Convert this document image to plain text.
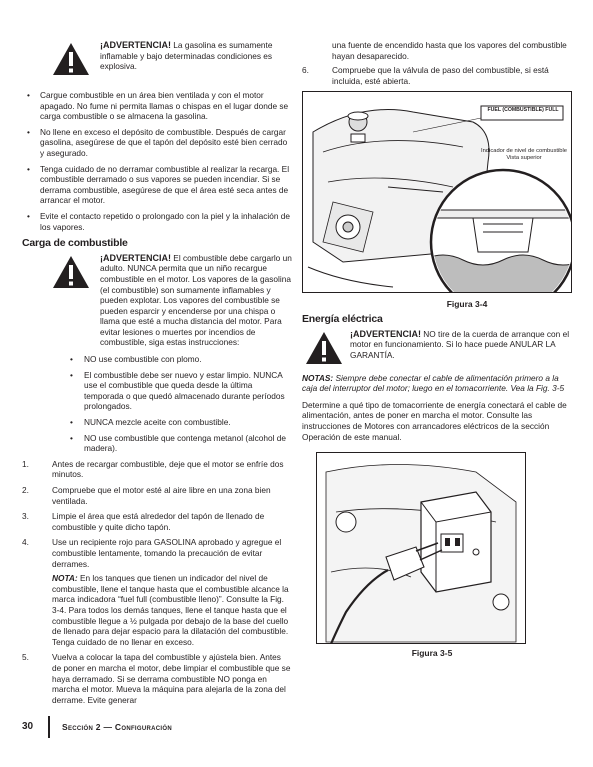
¡ADVERTENCIA! La gasolina es sumamente inflamable y bajo determinadas condiciones es explosiva.

• Cargue combustible en un área bien ventilada y con el motor apagado. No fume ni permita llamas o chispas en el lugar donde se carga combustible o se almacena la gasolina.
• No llene en exceso el depósito de combustible. Después de cargar gasolina, asegúrese de que el tapón del depósito esté bien cerrado y asegurado.
• Tenga cuidado de no derramar combustible al realizar la recarga. El combustible derramado o sus vapores se pueden incendiar. Si se derrama combustible, asegúrese de que el área esté seca antes de arrancar el motor.
• Evite el contacto repetido o prolongado con la piel y la inhalación de los vapores.
Carga de combustible

¡ADVERTENCIA! El combustible debe cargarlo un adulto. NUNCA permita que un niño recargue combustible en el motor. Los vapores de la gasolina (el combustible) son sumamente inflamables y pueden explotar. Los vapores del combustible se pueden esparcir y encenderse por una chispa o llama que esté a mucha distancia del motor. Para evitar lesiones o muertes por incendios de combustible, siga estas instrucciones:

• NO use combustible con plomo.
• El combustible debe ser nuevo y estar limpio. NUNCA use el combustible que queda desde la última temporada o que quedó almacenado durante períodos prolongados.
• NUNCA mezcle aceite con combustible.
• NO use combustible que contenga metanol (alcohol de madera).
1.	Antes de recargar combustible, deje que el motor se enfríe dos minutos.
2.	Compruebe que el motor esté al aire libre en una zona bien ventilada.
3.	Limpie el área que está alrededor del tapón de llenado de combustible y quite dicho tapón.
4.	Use un recipiente rojo para GASOLINA aprobado y agregue el combustible lentamente, tomando la precaución de evitar derrames.

NOTA: En los tanques que tienen un indicador del nivel de combustible, llene el tanque hasta que el combustible alcance la marca indicadora “fuel full (combustible lleno)”. Consulte la Fig. 3-4. Para todos los demás tanques, llene el tanque hasta que el combustible llegue a ½ pulgada por debajo de la base del cuello de llenado para dejar espacio para la dilatación del combustible. Tenga cuidado de no llenar en exceso.

5.	Vuelva a colocar la tapa del combustible y ajústela bien. Antes de poner en marcha el motor, debe limpiar el combustible que se haya derramado. Si se derrama combustible NO ponga en marcha el motor. Mueva la máquina para alejarla de la zona del derrame. Evite generar

una fuente de encendido hasta que los vapores del combustible hayan desaparecido.

6.	Compruebe que la válvula de paso del combustible, si está incluida, esté abierta.
FUEL (COMBUSTIBLE) FULL
Indicador de nivel de combustible Vista superior
Figura 3-4
Energía eléctrica

¡ADVERTENCIA! NO tire de la cuerda de arranque con el motor en funcionamiento. Si lo hace puede ANULAR LA GARANTÍA.

NOTAS: Siempre debe conectar el cable de alimentación primero a la caja del interruptor del motor; luego en el tomacorriente. Vea la Fig. 3-5

Determine a qué tipo de tomacorriente de energía conectará el cable de alimentación, antes de poner en marcha el motor. Consulte las instrucciones de Motores con arrancadores eléctricos de la sección Operación de este manual.

Figura 3-5
30	Sección 2 — Configuración
